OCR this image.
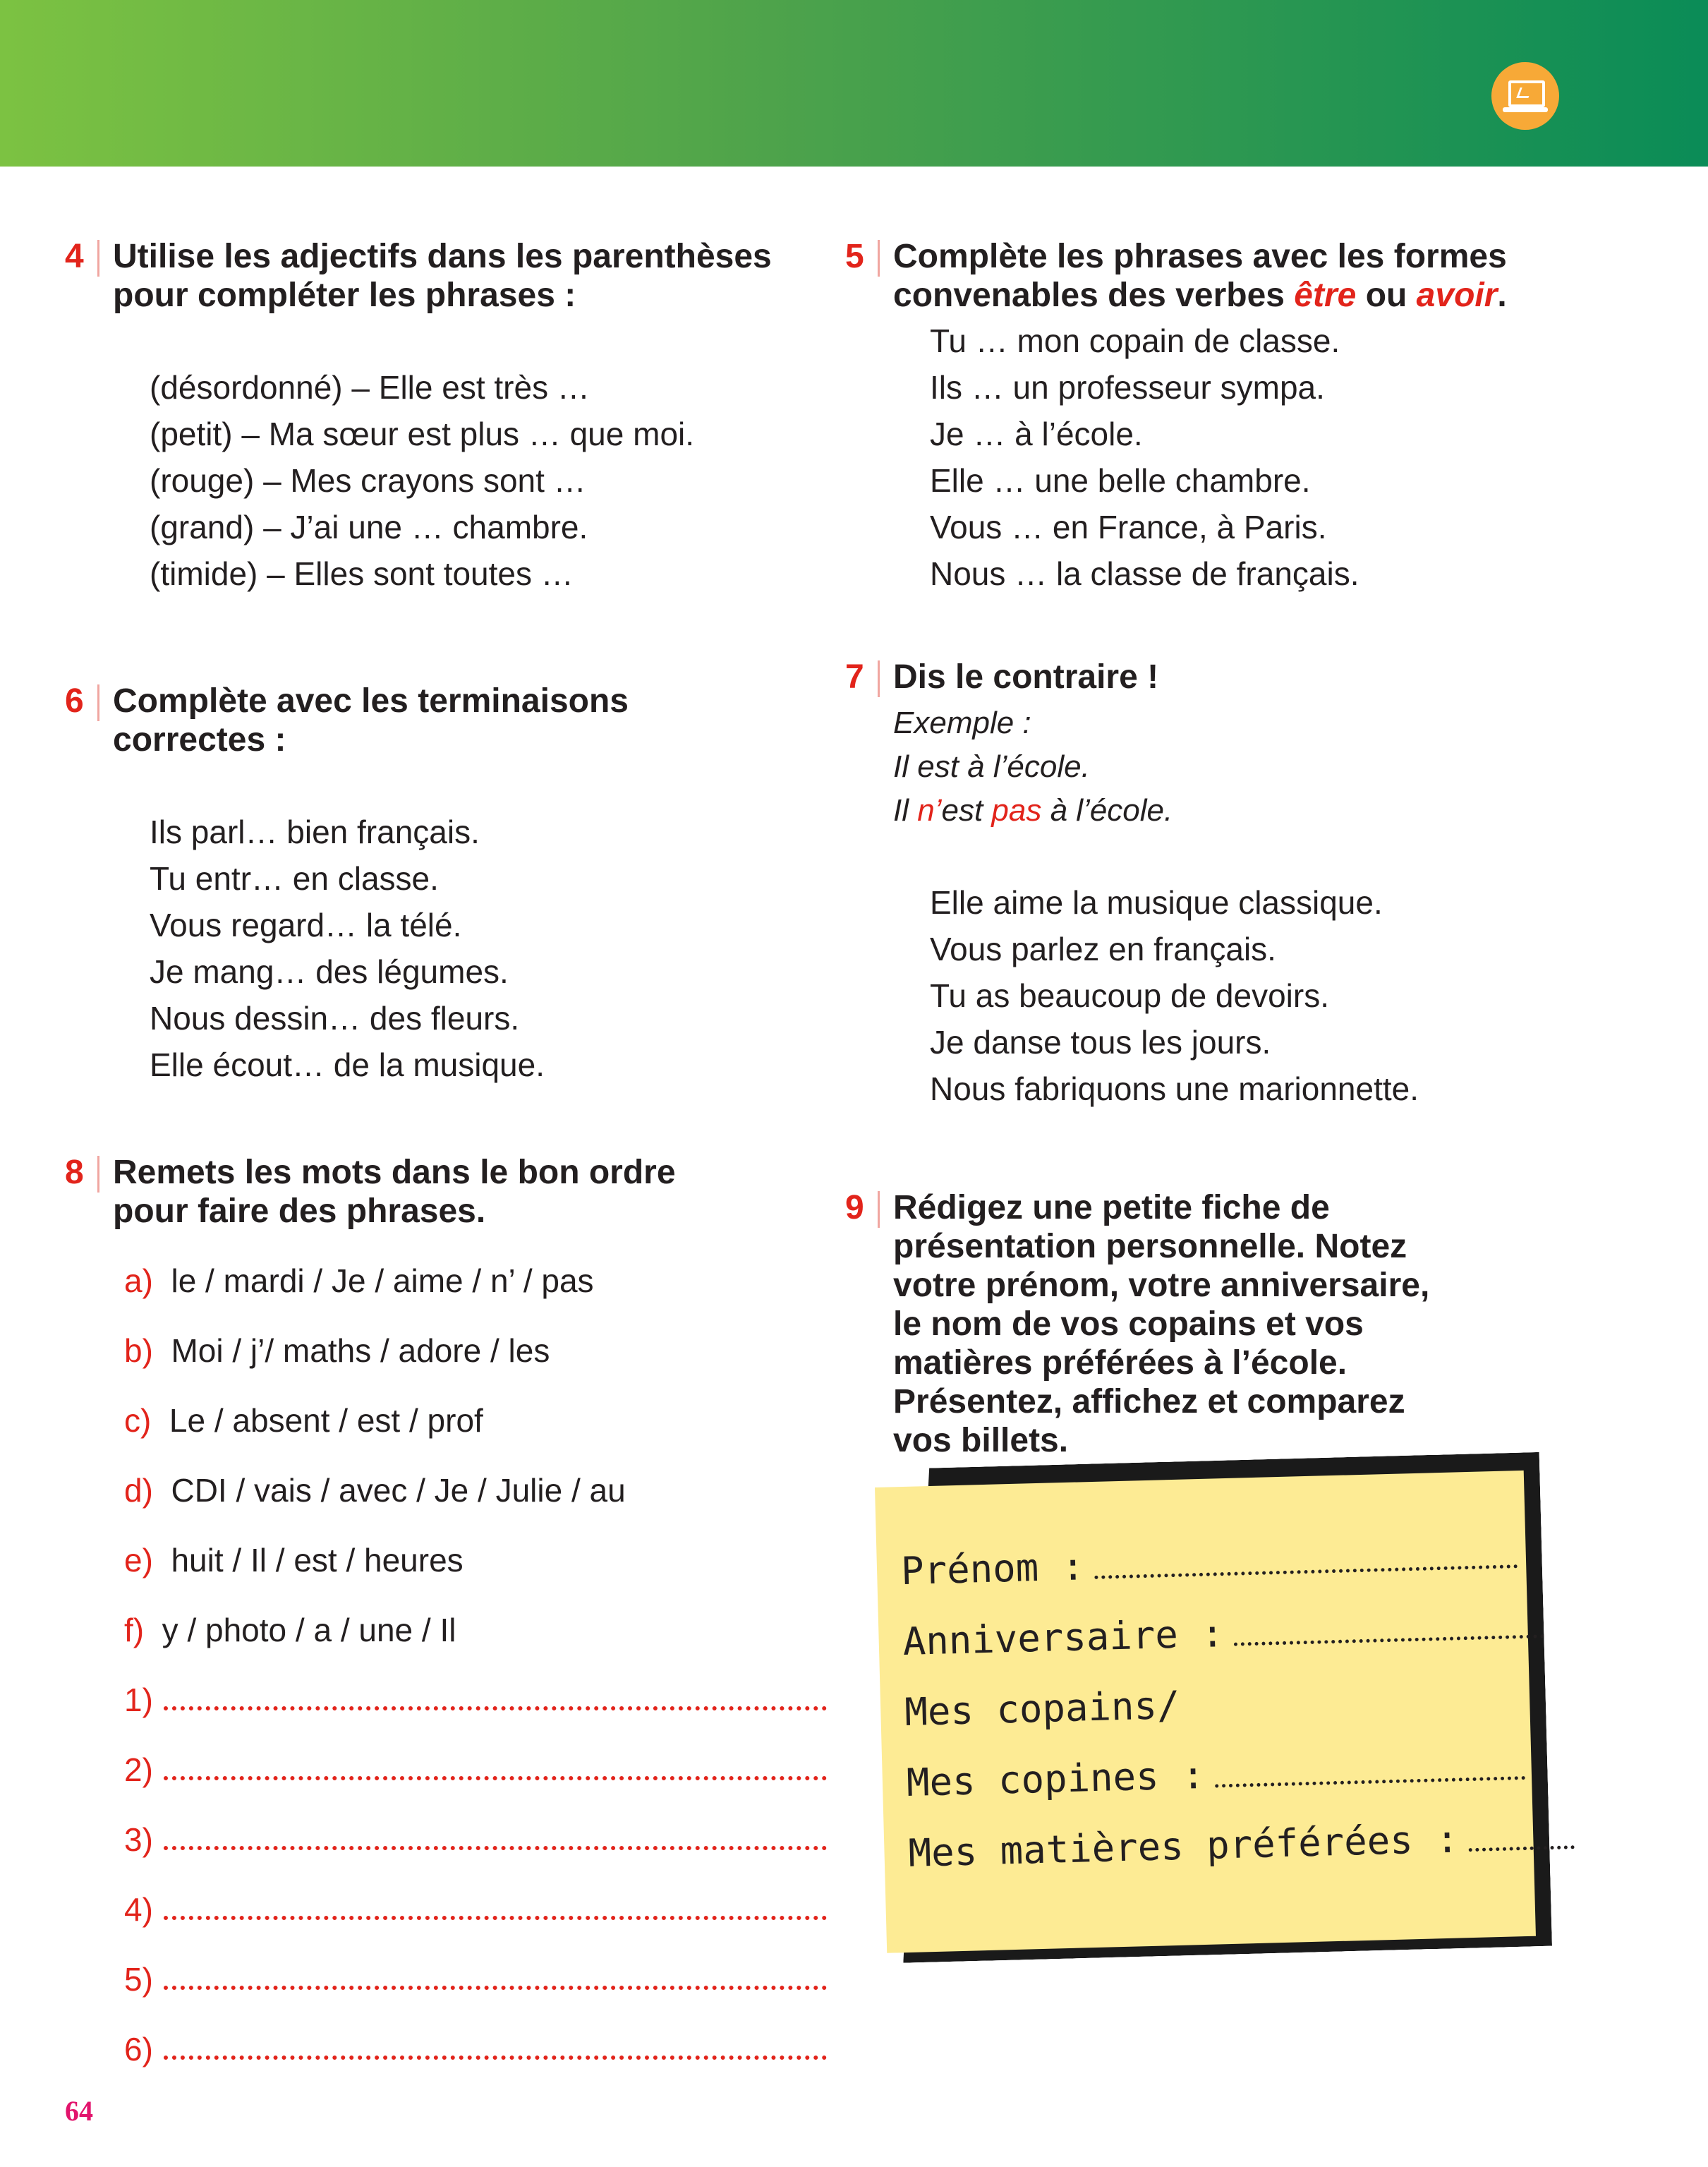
4 Utilise les adjectifs dans les parenthèses
pour compléter les phrases :
(désordonné) – Elle est très …
(petit) – Ma sœur est plus … que moi.
(rouge) – Mes crayons sont …
(grand) – J’ai une … chambre.
(timide) – Elles sont toutes …
5 Complète les phrases avec les formes
convenables des verbes être ou avoir.
Tu … mon copain de classe.
Ils … un professeur sympa.
Je … à l’école.
Elle … une belle chambre.
Vous … en France, à Paris.
Nous … la classe de français.
6 Complète avec les terminaisons
correctes :
Ils parl… bien français.
Tu entr… en classe.
Vous regard… la télé.
Je mang… des légumes.
Nous dessin… des fleurs.
Elle écout… de la musique.
7 Dis le contraire !
Exemple :
Il est à l’école.
Il n’est pas à l’école.
Elle aime la musique classique.
Vous parlez en français.
Tu as beaucoup de devoirs.
Je danse tous les jours.
Nous fabriquons une marionnette.
8 Remets les mots dans le bon ordre
pour faire des phrases.
a) le / mardi / Je / aime / n’ / pas
b) Moi / j’/ maths / adore / les
c) Le / absent / est / prof
d) CDI / vais / avec / Je / Julie / au
e) huit / Il / est / heures
f) y / photo / a / une / Il
1)
2)
3)
4)
5)
6)
9 Rédigez une petite fiche de
présentation personnelle. Notez
votre prénom, votre anniversaire,
le nom de vos copains et vos
matières préférées à l’école.
Présentez, affichez et comparez
vos billets.
Prénom :
Anniversaire :
Mes copains/
Mes copines :
Mes matières préférées :
64
